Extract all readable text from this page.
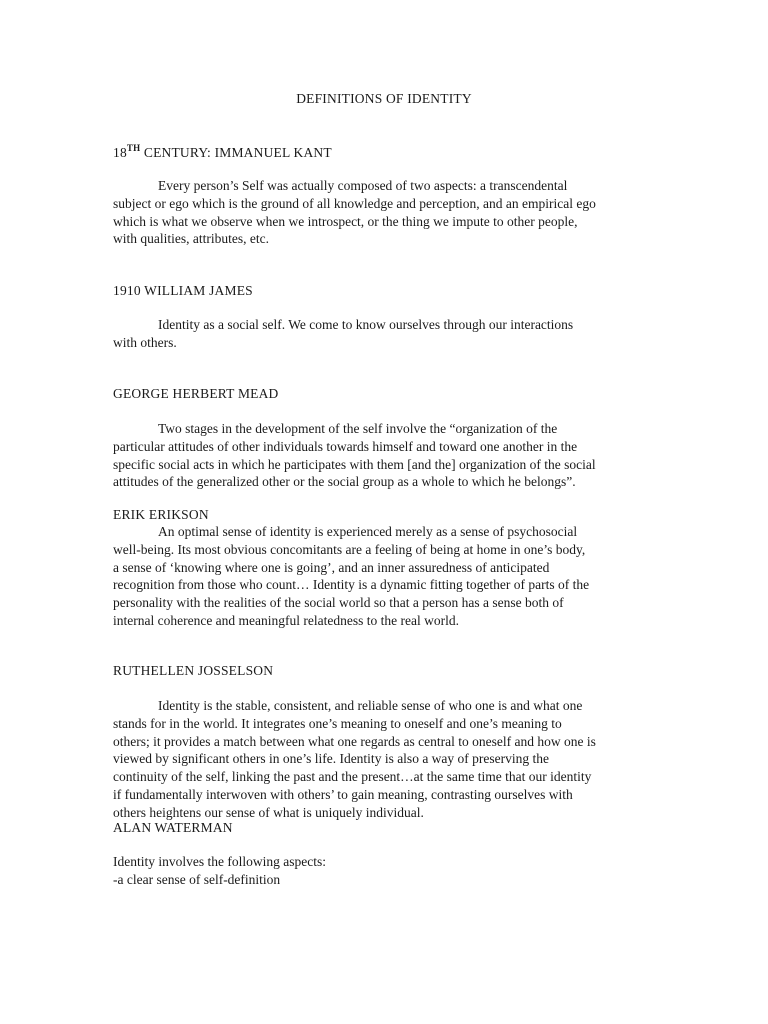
DEFINITIONS OF IDENTITY
18TH CENTURY: IMMANUEL KANT
Every person’s Self was actually composed of two aspects: a transcendental
subject or ego which is the ground of all knowledge and perception, and an empirical ego
which is what we observe when we introspect, or the thing we impute to other people,
with qualities, attributes, etc.
1910 WILLIAM JAMES
Identity as a social self. We come to know ourselves through our interactions
with others.
GEORGE HERBERT MEAD
Two stages in the development of the self involve the “organization of the
particular attitudes of other individuals towards himself and toward one another in the
specific social acts in which he participates with them [and the] organization of the social
attitudes of the generalized other or the social group as a whole to which he belongs”.
ERIK ERIKSON
An optimal sense of identity is experienced merely as a sense of psychosocial
well-being. Its most obvious concomitants are a feeling of being at home in one’s body,
a sense of ‘knowing where one is going’, and an inner assuredness of anticipated
recognition from those who count… Identity is a dynamic fitting together of parts of the
personality with the realities of the social world so that a person has a sense both of
internal coherence and meaningful relatedness to the real world.
RUTHELLEN JOSSELSON
Identity is the stable, consistent, and reliable sense of who one is and what one
stands for in the world. It integrates one’s meaning to oneself and one’s meaning to
others; it provides a match between what one regards as central to oneself and how one is
viewed by significant others in one’s life. Identity is also a way of preserving the
continuity of the self, linking the past and the present…at the same time that our identity
if fundamentally interwoven with others’ to gain meaning, contrasting ourselves with
others heightens our sense of what is uniquely individual.
ALAN WATERMAN
Identity involves the following aspects:
-a clear sense of self-definition
